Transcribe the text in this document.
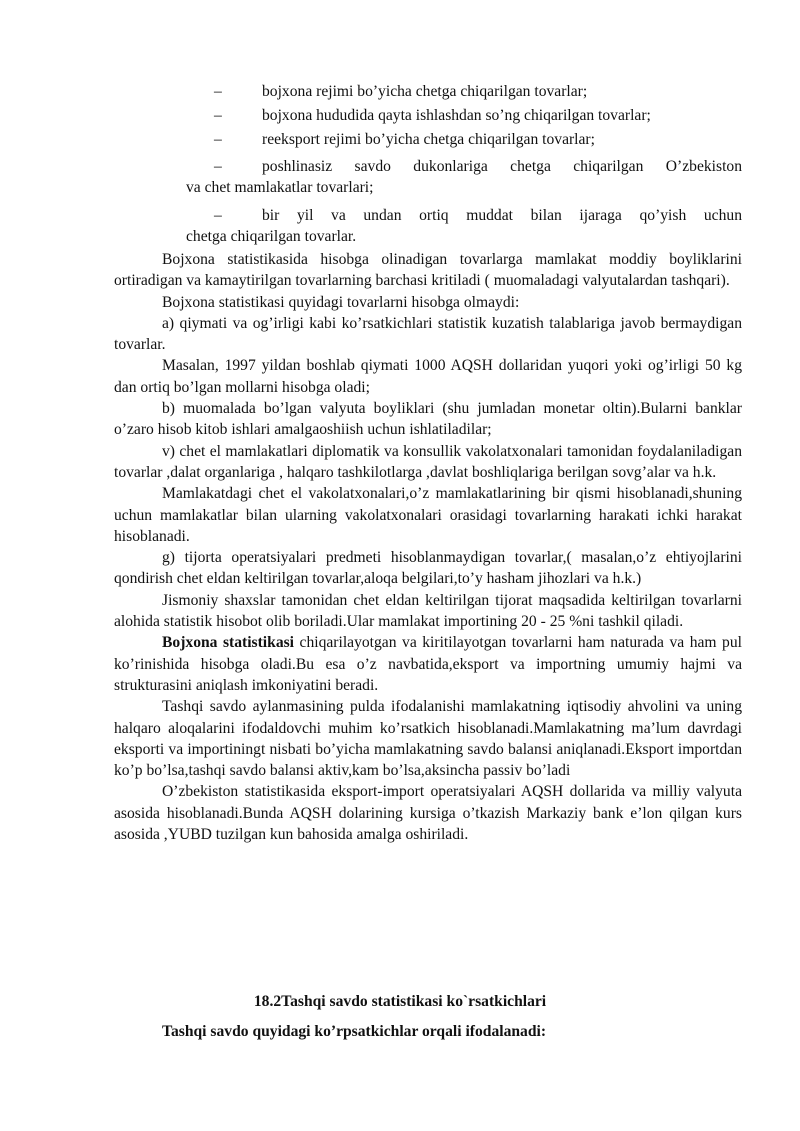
–	bojxona rejimi bo’yicha chetga chiqarilgan tovarlar;
–	bojxona hududida qayta ishlashdan so’ng chiqarilgan tovarlar;
–	reeksport rejimi bo’yicha chetga chiqarilgan tovarlar;
–	poshlinasiz savdo dukonlariga chetga chiqarilgan O’zbekiston
va chet mamlakatlar tovarlari;
–	bir yil va undan ortiq muddat bilan ijaraga qo’yish uchun
chetga chiqarilgan tovarlar.

Bojxona statistikasida hisobga olinadigan tovarlarga mamlakat moddiy boyliklarini ortiradigan va kamaytirilgan tovarlarning barchasi kritiladi ( muomaladagi valyutalardan tashqari).

Bojxona statistikasi quyidagi tovarlarni hisobga olmaydi:

a) qiymati va og’irligi kabi ko’rsatkichlari statistik kuzatish talablariga javob bermaydigan tovarlar.

Masalan, 1997 yildan boshlab qiymati 1000 AQSH dollaridan yuqori yoki og’irligi 50 kg dan ortiq bo’lgan mollarni hisobga oladi;

b) muomalada bo’lgan valyuta boyliklari (shu jumladan monetar oltin).Bularni banklar o’zaro hisob kitob ishlari amalgaoshiish uchun ishlatiladilar;

v) chet el mamlakatlari diplomatik va konsullik vakolatxonalari tamonidan foydalaniladigan tovarlar ,dalat organlariga , halqaro tashkilotlarga ,davlat boshliqlariga berilgan sovg’alar va h.k.

Mamlakatdagi chet el vakolatxonalari,o’z mamlakatlarining bir qismi hisoblanadi,shuning uchun mamlakatlar bilan ularning vakolatxonalari orasidagi tovarlarning harakati ichki harakat hisoblanadi.

g) tijorta operatsiyalari predmeti hisoblanmaydigan tovarlar,( masalan,o’z ehtiyojlarini qondirish chet eldan keltirilgan tovarlar,aloqa belgilari,to’y hasham jihozlari va h.k.)

Jismoniy shaxslar tamonidan chet eldan keltirilgan tijorat maqsadida keltirilgan tovarlarni alohida statistik hisobot olib boriladi.Ular mamlakat importining 20 - 25 %ni tashkil qiladi.

Bojxona statistikasi chiqarilayotgan va kiritilayotgan tovarlarni ham naturada va ham pul ko’rinishida hisobga oladi.Bu esa o’z navbatida,eksport va importning umumiy hajmi va strukturasini aniqlash imkoniyatini beradi.

Tashqi savdo aylanmasining pulda ifodalanishi mamlakatning iqtisodiy ahvolini va uning halqaro aloqalarini ifodaldovchi muhim ko’rsatkich hisoblanadi.Mamlakatning ma’lum davrdagi eksporti va importiningt nisbati bo’yicha mamlakatning savdo balansi aniqlanadi.Eksport importdan ko’p bo’lsa,tashqi savdo balansi aktiv,kam bo’lsa,aksincha passiv bo’ladi

O’zbekiston statistikasida eksport-import operatsiyalari AQSH dollarida va milliy valyuta asosida hisoblanadi.Bunda AQSH dolarining kursiga o’tkazish Markaziy bank e’lon qilgan kurs asosida ,YUBD tuzilgan kun bahosida amalga oshiriladi.

18.2Tashqi savdo statistikasi ko`rsatkichlari
Tashqi savdo quyidagi ko’rpsatkichlar orqali ifodalanadi:
